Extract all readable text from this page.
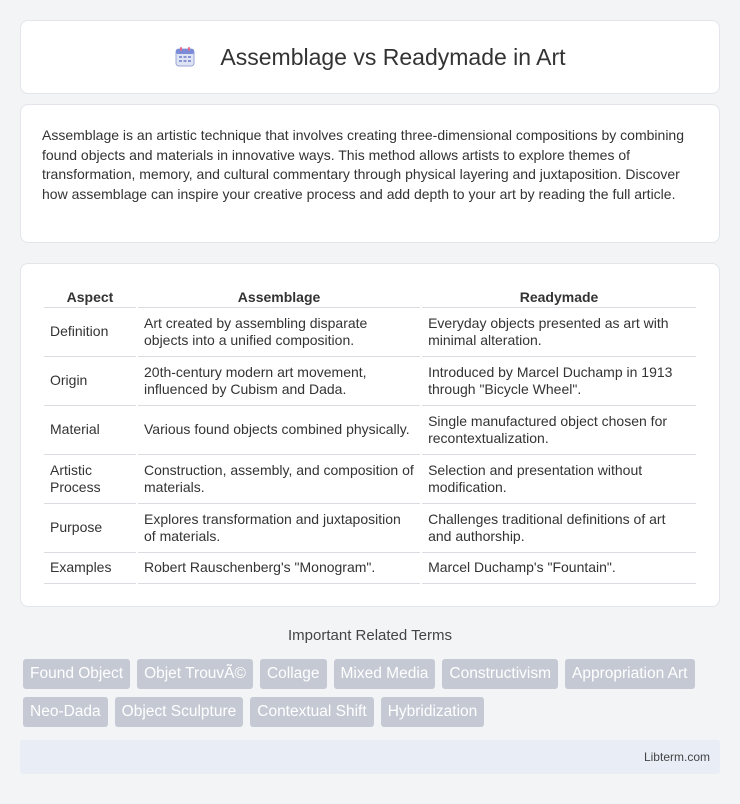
Assemblage vs Readymade in Art

Assemblage is an artistic technique that involves creating three-dimensional compositions by combining found objects and materials in innovative ways. This method allows artists to explore themes of transformation, memory, and cultural commentary through physical layering and juxtaposition. Discover how assemblage can inspire your creative process and add depth to your art by reading the full article.

Aspect	Assemblage	Readymade
Definition	Art created by assembling disparate objects into a unified composition.	Everyday objects presented as art with minimal alteration.
Origin	20th-century modern art movement, influenced by Cubism and Dada.	Introduced by Marcel Duchamp in 1913 through "Bicycle Wheel".
Material	Various found objects combined physically.	Single manufactured object chosen for recontextualization.
Artistic Process	Construction, assembly, and composition of materials.	Selection and presentation without modification.
Purpose	Explores transformation and juxtaposition of materials.	Challenges traditional definitions of art and authorship.
Examples	Robert Rauschenberg's "Monogram".	Marcel Duchamp's "Fountain".
Important Related Terms
Found Object	Objet TrouvÃ©	Collage	Mixed Media	Constructivism	Appropriation Art
Neo-Dada	Object Sculpture	Contextual Shift	Hybridization
Libterm.com
